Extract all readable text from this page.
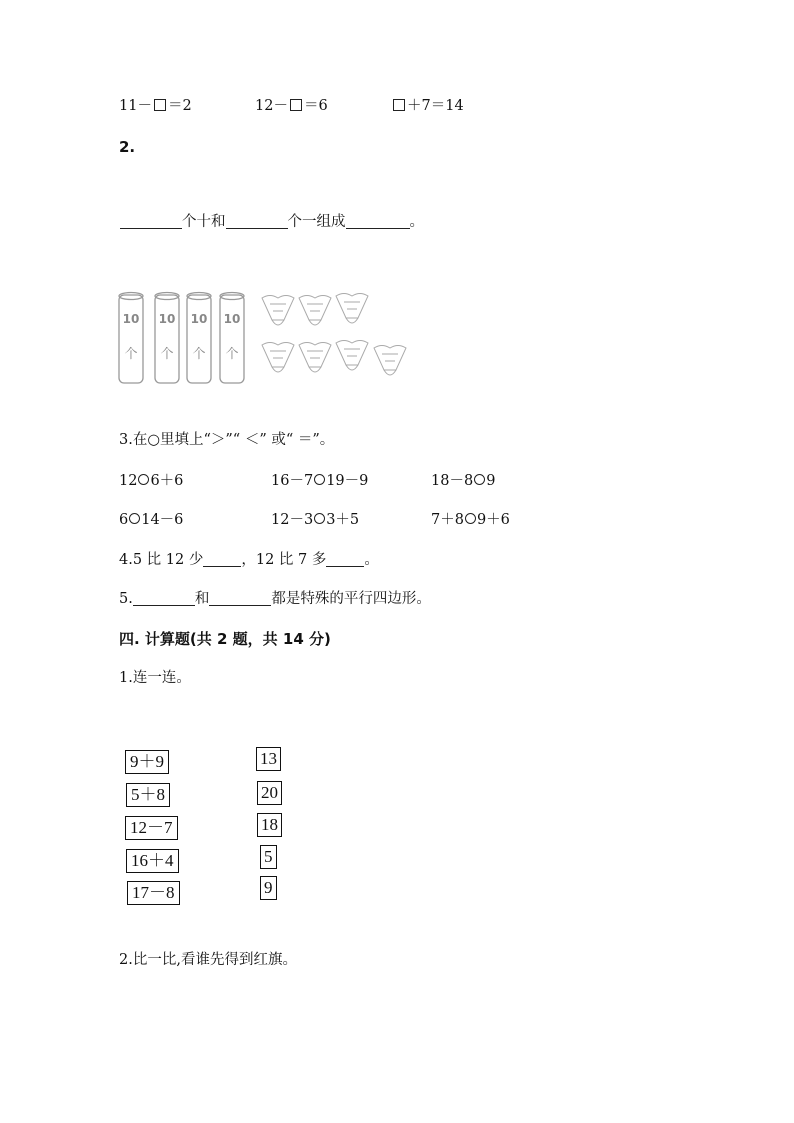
11－ ＝2	12－ ＝6	＋7＝14
2.
个十和	个一组成	。
10 10 10 10
个 个 个 个
3.在○里填上“＞”“ ＜” 或“ ＝”。
12 6＋6	16－7 19－9	18－8 9
6 14－6	12－3 3＋5	7＋8 9＋6
4.5 比 12 少	，12 比 7 多	。
5.	和	都是特殊的平行四边形。
四. 计算题(共 2 题，共 14 分)
1.连一连。
9＋9
5＋8
12－7
16＋4
17－8
13
20
18
5
9
2.比一比,看谁先得到红旗。
